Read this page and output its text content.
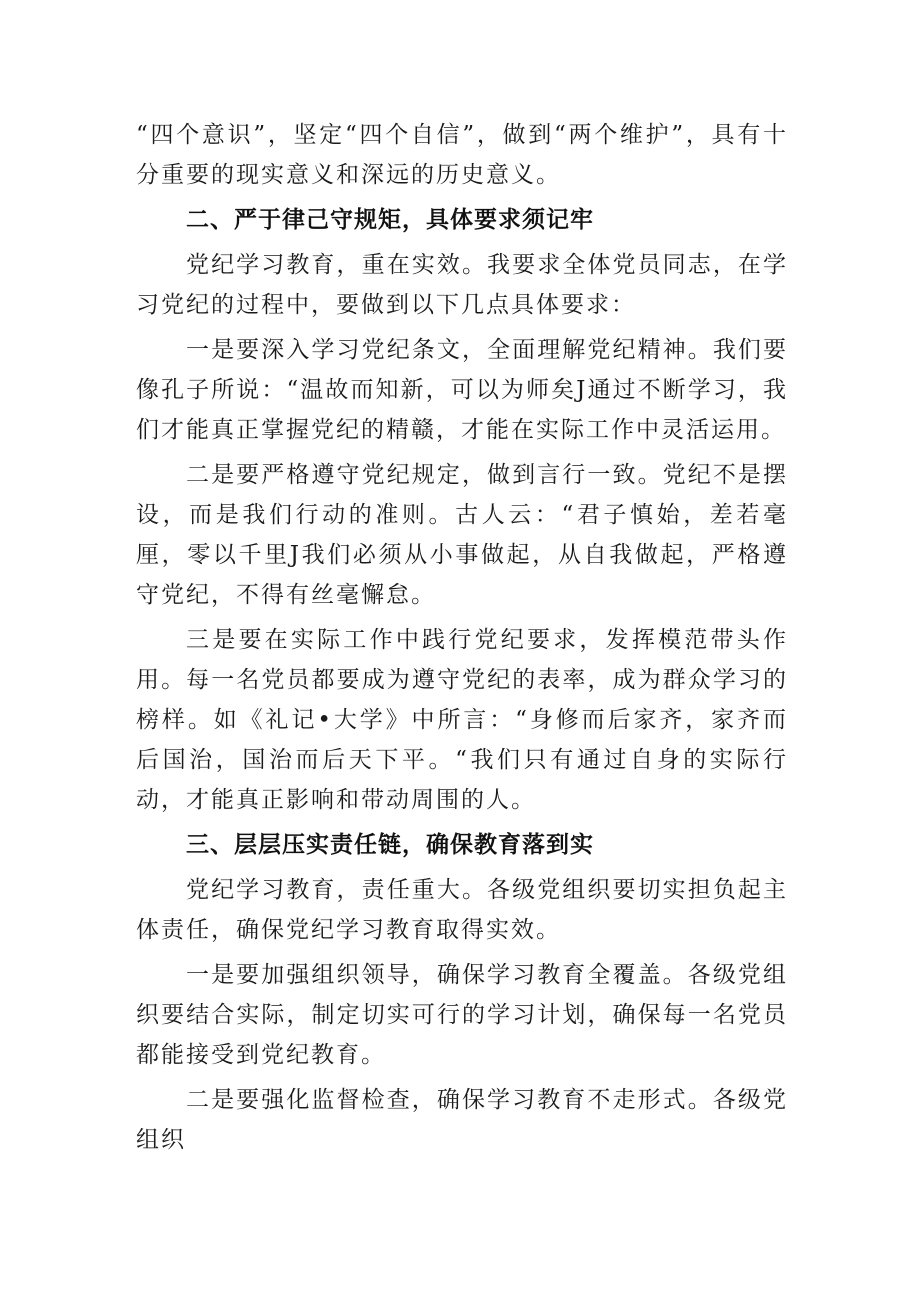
“四个意识”，坚定“四个自信”，做到“两个维护”，具有十分重要的现实意义和深远的历史意义。

二、严于律己守规矩，具体要求须记牢

党纪学习教育，重在实效。我要求全体党员同志，在学习党纪的过程中，要做到以下几点具体要求：

一是要深入学习党纪条文，全面理解党纪精神。我们要像孔子所说：“温故而知新，可以为师矣J通过不断学习，我们才能真正掌握党纪的精赣，才能在实际工作中灵活运用。

二是要严格遵守党纪规定，做到言行一致。党纪不是摆设，而是我们行动的准则。古人云：“君子慎始，差若毫厘，零以千里J我们必须从小事做起，从自我做起，严格遵守党纪，不得有丝毫懈怠。

三是要在实际工作中践行党纪要求，发挥模范带头作用。每一名党员都要成为遵守党纪的表率，成为群众学习的榜样。如《礼记•大学》中所言：“身修而后家齐，家齐而后国治，国治而后天下平。“我们只有通过自身的实际行动，才能真正影响和带动周围的人。

三、层层压实责任链，确保教育落到实

党纪学习教育，责任重大。各级党组织要切实担负起主体责任，确保党纪学习教育取得实效。

一是要加强组织领导，确保学习教育全覆盖。各级党组织要结合实际，制定切实可行的学习计划，确保每一名党员都能接受到党纪教育。

二是要强化监督检查，确保学习教育不走形式。各级党组织
